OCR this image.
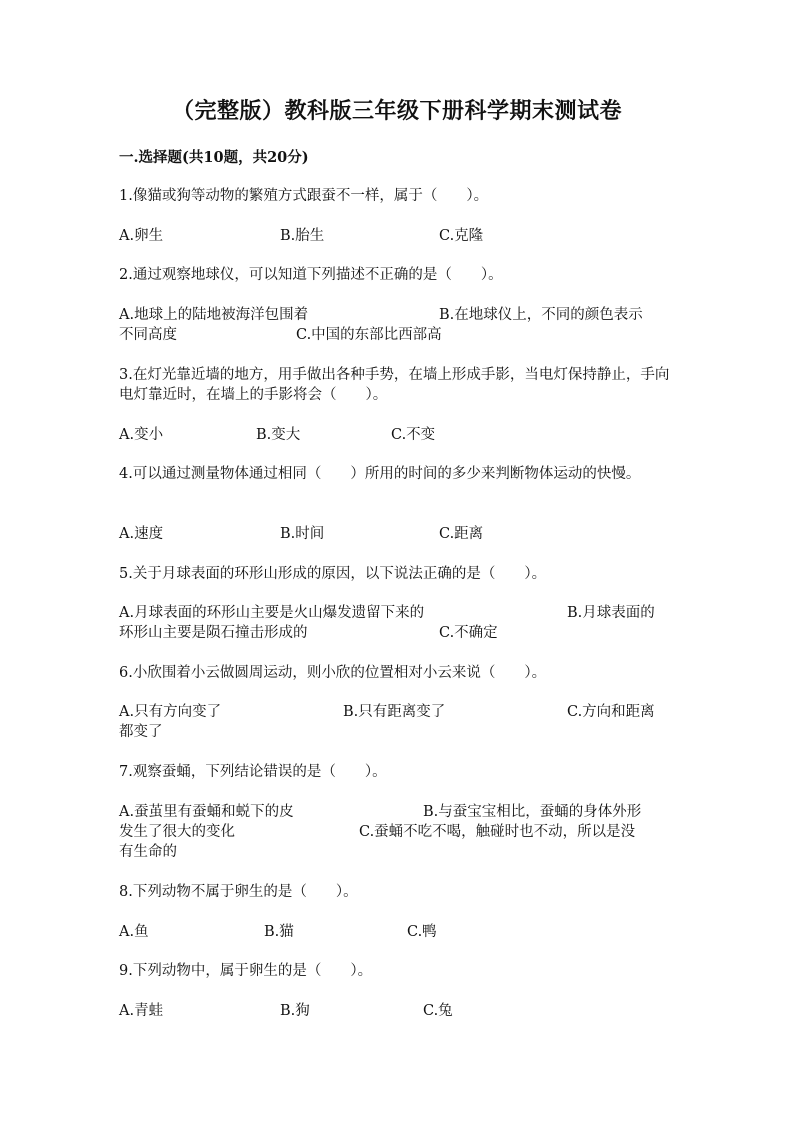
（完整版）教科版三年级下册科学期末测试卷
一.选择题(共10题，共20分)
1.像猫或狗等动物的繁殖方式跟蚕不一样，属于（　　）。
A.卵生	B.胎生	C.克隆
2.通过观察地球仪，可以知道下列描述不正确的是（　　）。
A.地球上的陆地被海洋包围着	B.在地球仪上，不同的颜色表示
不同高度	C.中国的东部比西部高
3.在灯光靠近墙的地方，用手做出各种手势，在墙上形成手影，当电灯保持静止，手向电灯靠近时，在墙上的手影将会（　　）。
A.变小	B.变大	C.不变
4.可以通过测量物体通过相同（　　）所用的时间的多少来判断物体运动的快慢。
A.速度	B.时间	C.距离
5.关于月球表面的环形山形成的原因，以下说法正确的是（　　）。
A.月球表面的环形山主要是火山爆发遗留下来的	B.月球表面的
环形山主要是陨石撞击形成的	C.不确定
6.小欣围着小云做圆周运动，则小欣的位置相对小云来说（　　）。
A.只有方向变了	B.只有距离变了	C.方向和距离
都变了
7.观察蚕蛹，下列结论错误的是（　　）。
A.蚕茧里有蚕蛹和蜕下的皮	B.与蚕宝宝相比，蚕蛹的身体外形
发生了很大的变化	C.蚕蛹不吃不喝，触碰时也不动，所以是没
有生命的
8.下列动物不属于卵生的是（　　）。
A.鱼	B.猫	C.鸭
9.下列动物中，属于卵生的是（　　）。
A.青蛙	B.狗	C.兔
